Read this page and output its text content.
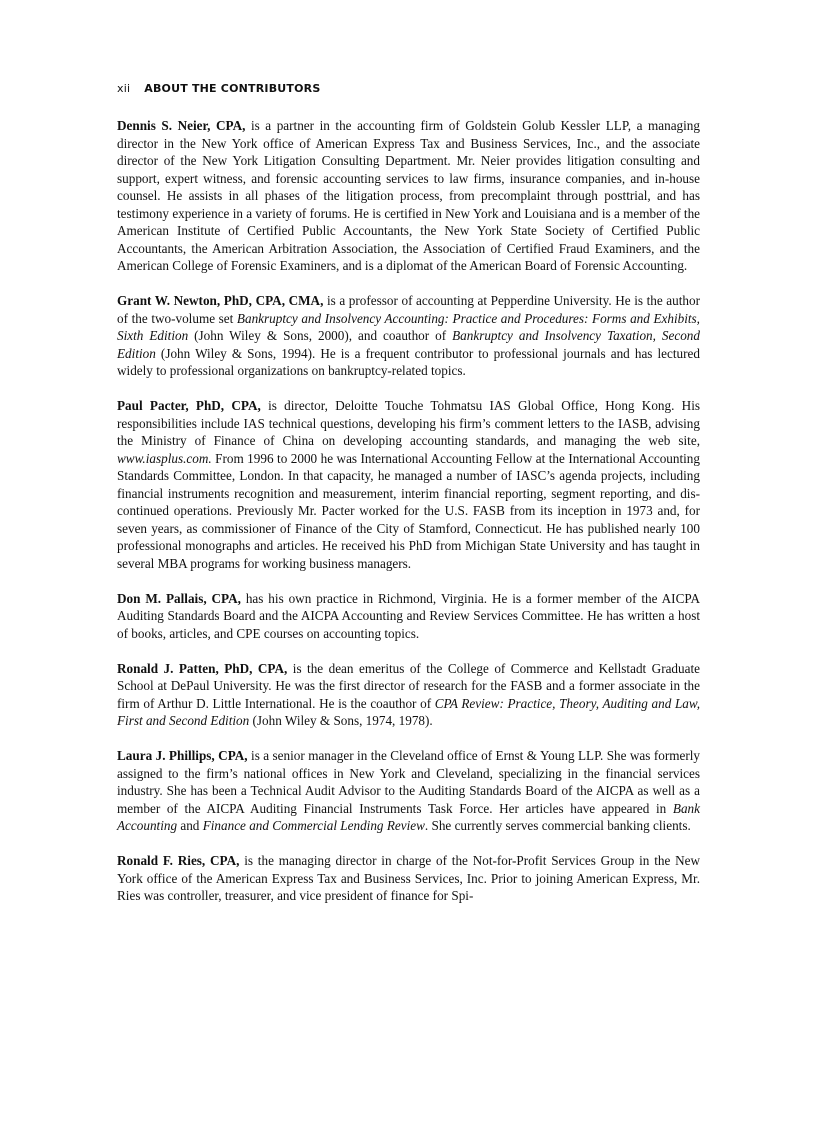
xii ABOUT THE CONTRIBUTORS

Dennis S. Neier, CPA, is a partner in the accounting firm of Goldstein Golub Kessler LLP, a managing director in the New York office of American Express Tax and Business Services, Inc., and the associate director of the New York Litigation Consulting Department. Mr. Neier provides litigation consulting and support, expert witness, and forensic accounting services to law firms, insurance companies, and in-house counsel. He assists in all phases of the litigation process, from precomplaint through posttrial, and has testimony experience in a variety of forums. He is certified in New York and Louisiana and is a member of the American Institute of Certified Public Accountants, the New York State Society of Certified Public Accountants, the American Arbitration Association, the Association of Certified Fraud Examiners, and the American College of Forensic Examiners, and is a diplomat of the American Board of Forensic Accounting.

Grant W. Newton, PhD, CPA, CMA, is a professor of accounting at Pepperdine University. He is the author of the two-volume set Bankruptcy and Insolvency Accounting: Practice and Procedures: Forms and Exhibits, Sixth Edition (John Wiley & Sons, 2000), and coauthor of Bankruptcy and Insolvency Taxation, Second Edition (John Wiley & Sons, 1994). He is a frequent contributor to professional journals and has lectured widely to professional organizations on bankruptcy-related topics.

Paul Pacter, PhD, CPA, is director, Deloitte Touche Tohmatsu IAS Global Office, Hong Kong. His responsibilities include IAS technical questions, developing his firm’s comment letters to the IASB, advising the Ministry of Finance of China on developing accounting standards, and managing the web site, www.iasplus.com. From 1996 to 2000 he was International Accounting Fellow at the International Accounting Standards Committee, London. In that capacity, he managed a number of IASC’s agenda projects, including financial instruments recognition and measurement, interim financial reporting, segment reporting, and discontinued operations. Previously Mr. Pacter worked for the U.S. FASB from its inception in 1973 and, for seven years, as commissioner of Finance of the City of Stamford, Connecticut. He has published nearly 100 professional monographs and articles. He received his PhD from Michigan State University and has taught in several MBA programs for working business managers.

Don M. Pallais, CPA, has his own practice in Richmond, Virginia. He is a former member of the AICPA Auditing Standards Board and the AICPA Accounting and Review Services Committee. He has written a host of books, articles, and CPE courses on accounting topics.

Ronald J. Patten, PhD, CPA, is the dean emeritus of the College of Commerce and Kellstadt Graduate School at DePaul University. He was the first director of research for the FASB and a former associate in the firm of Arthur D. Little International. He is the coauthor of CPA Review: Practice, Theory, Auditing and Law, First and Second Edition (John Wiley & Sons, 1974, 1978).

Laura J. Phillips, CPA, is a senior manager in the Cleveland office of Ernst & Young LLP. She was formerly assigned to the firm’s national offices in New York and Cleveland, specializing in the financial services industry. She has been a Technical Audit Advisor to the Auditing Standards Board of the AICPA as well as a member of the AICPA Auditing Financial Instruments Task Force. Her articles have appeared in Bank Accounting and Finance and Commercial Lending Review. She currently serves commercial banking clients.

Ronald F. Ries, CPA, is the managing director in charge of the Not-for-Profit Services Group in the New York office of the American Express Tax and Business Services, Inc. Prior to joining American Express, Mr. Ries was controller, treasurer, and vice president of finance for Spi-
